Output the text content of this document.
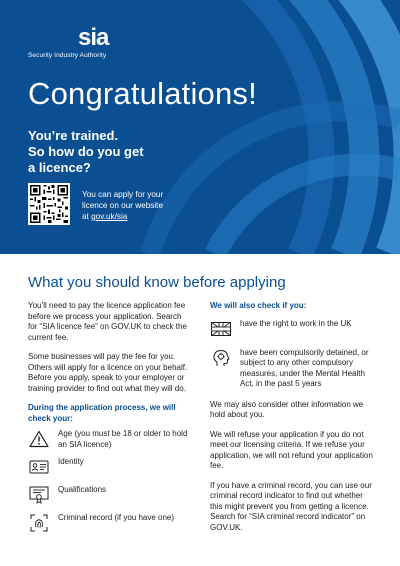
sia
Security Industry Authority
Congratulations!
You’re trained.
So how do you get
a licence?
You can apply for your
licence on our website
at gov.uk/sia
What you should know before applying
You’ll need to pay the licence application fee before we process your application. Search for “SIA licence fee” on GOV.UK to check the current fee.
Some businesses will pay the fee for you. Others will apply for a licence on your behalf. Before you apply, speak to your employer or training provider to find out what they will do.
During the application process, we will check your:
Age (you must be 18 or older to hold an SIA licence)
Identity
Qualifications
Criminal record (if you have one)
We will also check if you:
have the right to work in the UK
have been compulsorily detained, or subject to any other compulsory measures, under the Mental Health Act, in the past 5 years
We may also consider other information we hold about you.
We will refuse your application if you do not meet our licensing criteria. If we refuse your application, we will not refund your application fee.
If you have a criminal record, you can use our criminal record indicator to find out whether this might prevent you from getting a licence. Search for “SIA criminal record indicator” on GOV.UK.
